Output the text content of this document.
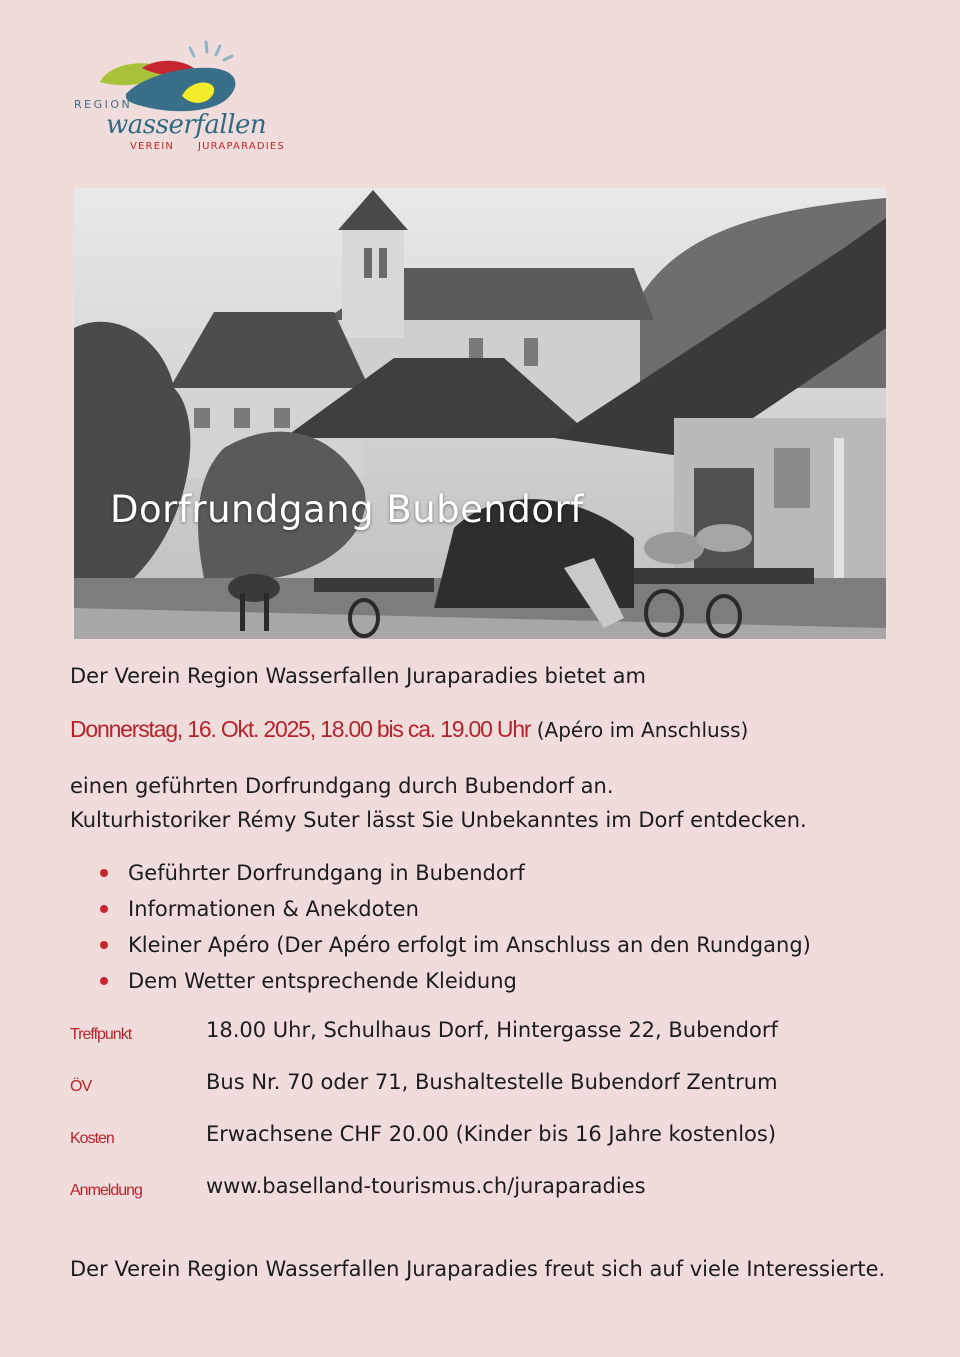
REGION
wasserfallen
VEREIN JURAPARADIES
Dorfrundgang Bubendorf
Der Verein Region Wasserfallen Juraparadies bietet am
Donnerstag, 16. Okt. 2025, 18.00 bis ca. 19.00 Uhr (Apéro im Anschluss)
einen geführten Dorfrundgang durch Bubendorf an.
Kulturhistoriker Rémy Suter lässt Sie Unbekanntes im Dorf entdecken.
Geführter Dorfrundgang in Bubendorf
Informationen & Anekdoten
Kleiner Apéro (Der Apéro erfolgt im Anschluss an den Rundgang)
Dem Wetter entsprechende Kleidung
Treffpunkt	18.00 Uhr, Schulhaus Dorf, Hintergasse 22, Bubendorf
ÖV	Bus Nr. 70 oder 71, Bushaltestelle Bubendorf Zentrum
Kosten	Erwachsene CHF 20.00 (Kinder bis 16 Jahre kostenlos)
Anmeldung	www.baselland-tourismus.ch/juraparadies
Der Verein Region Wasserfallen Juraparadies freut sich auf viele Interessierte.
